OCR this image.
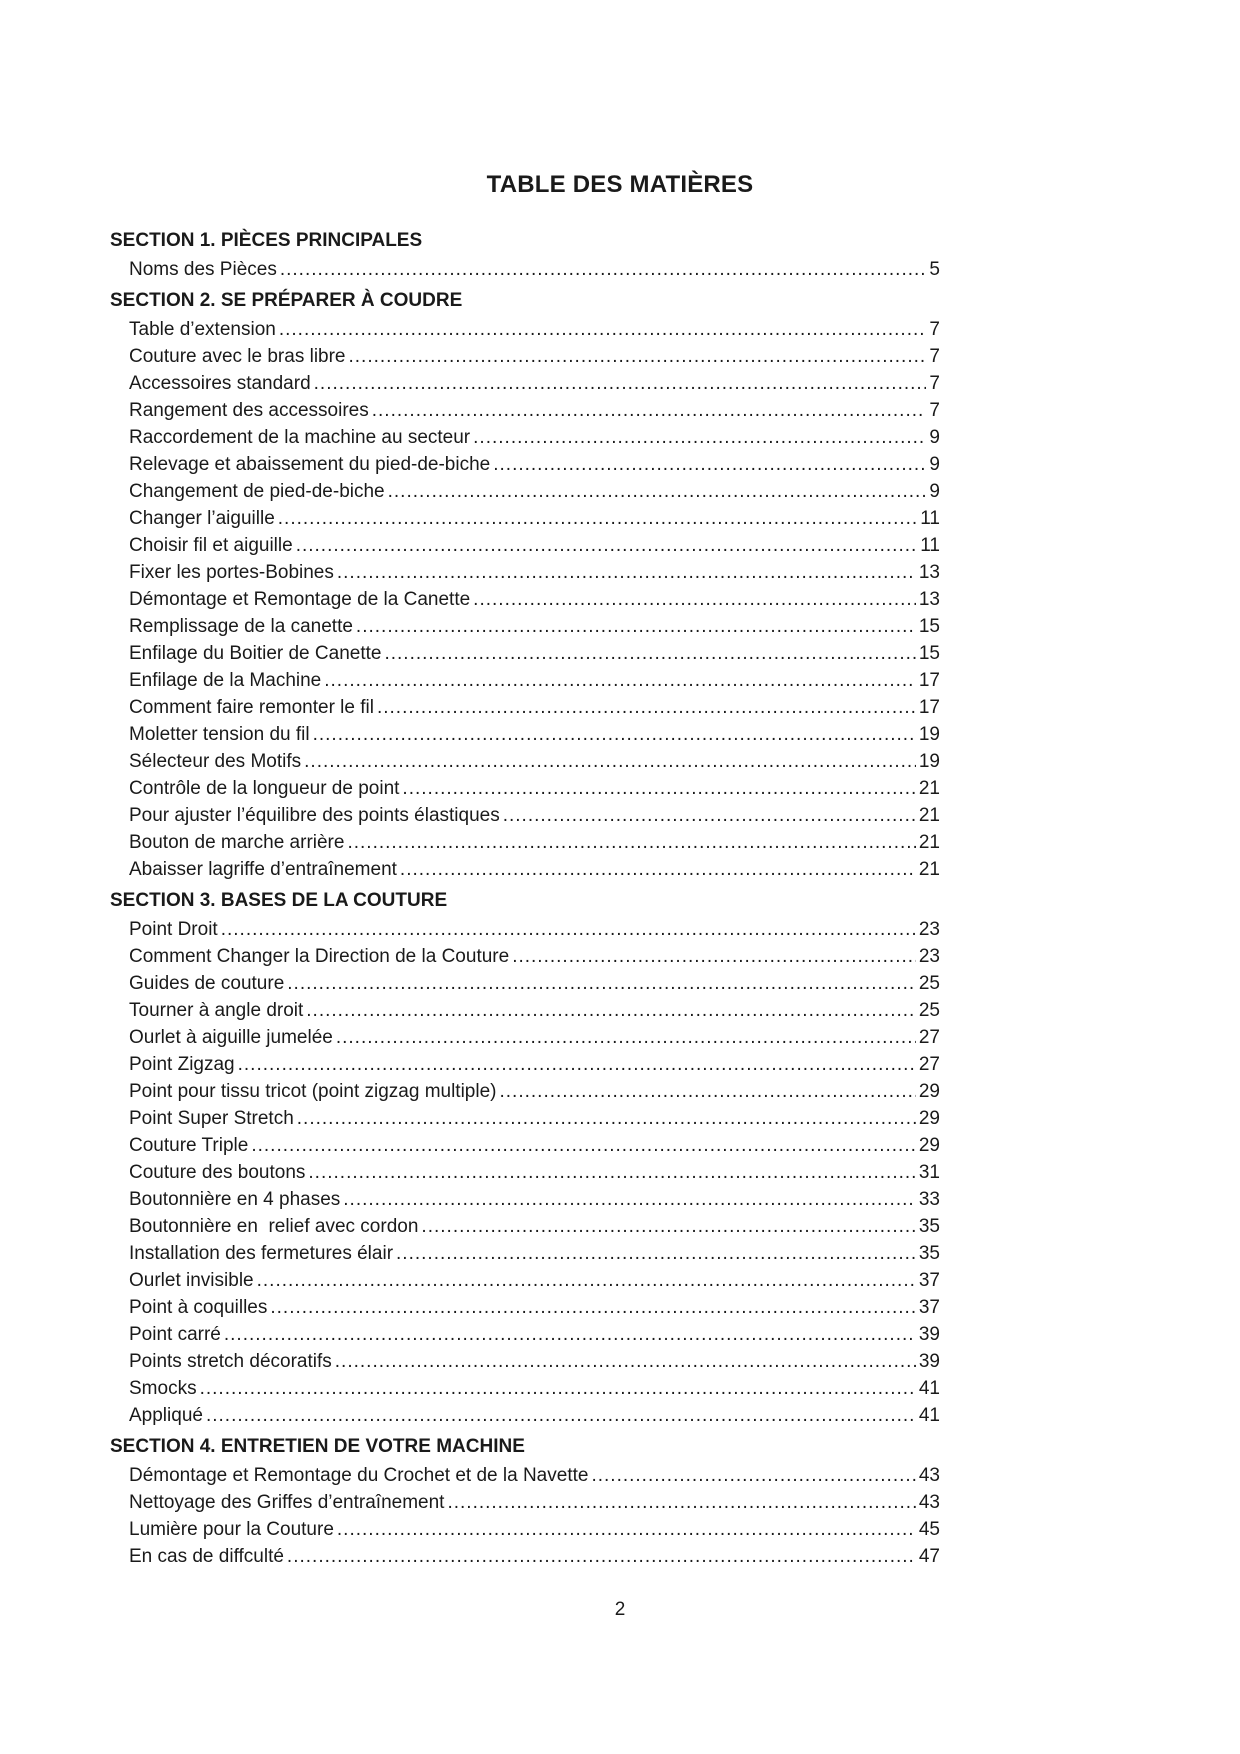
TABLE DES MATIÈRES
SECTION 1. PIÈCES PRINCIPALES
Noms des Pièces .....	5
SECTION 2. SE PRÉPARER À COUDRE
Table d’extension .....	7
Couture avec le bras libre .....	7
Accessoires standard .....	7
Rangement des accessoires .....	7
Raccordement de la machine au secteur .....	9
Relevage et abaissement du pied-de-biche .....	9
Changement de pied-de-biche .....	9
Changer l’aiguille .....	11
Choisir fil et aiguille .....	11
Fixer les portes-Bobines .....	13
Démontage et Remontage de la Canette .....	13
Remplissage de la canette .....	15
Enfilage du Boitier de Canette .....	15
Enfilage de la Machine .....	17
Comment faire remonter le fil .....	17
Moletter tension du fil .....	19
Sélecteur des Motifs .....	19
Contrôle de la longueur de point .....	21
Pour ajuster l’équilibre des points élastiques .....	21
Bouton de marche arrière .....	21
Abaisser lagriffe d’entraînement .....	21
SECTION 3. BASES DE LA COUTURE
Point Droit .....	23
Comment Changer la Direction de la Couture .....	23
Guides de couture .....	25
Tourner à angle droit .....	25
Ourlet à aiguille jumelée .....	27
Point Zigzag .....	27
Point pour tissu tricot (point zigzag multiple) .....	29
Point Super Stretch .....	29
Couture Triple .....	29
Couture des boutons .....	31
Boutonnière en 4 phases .....	33
Boutonnière en  relief avec cordon .....	35
Installation des fermetures élair .....	35
Ourlet invisible .....	37
Point à coquilles .....	37
Point carré .....	39
Points stretch décoratifs .....	39
Smocks .....	41
Appliqué .....	41
SECTION 4. ENTRETIEN DE VOTRE MACHINE
Démontage et Remontage du Crochet et de la Navette .....	43
Nettoyage des Griffes d’entraînement .....	43
Lumière pour la Couture .....	45
En cas de diffculté .....	47
2
